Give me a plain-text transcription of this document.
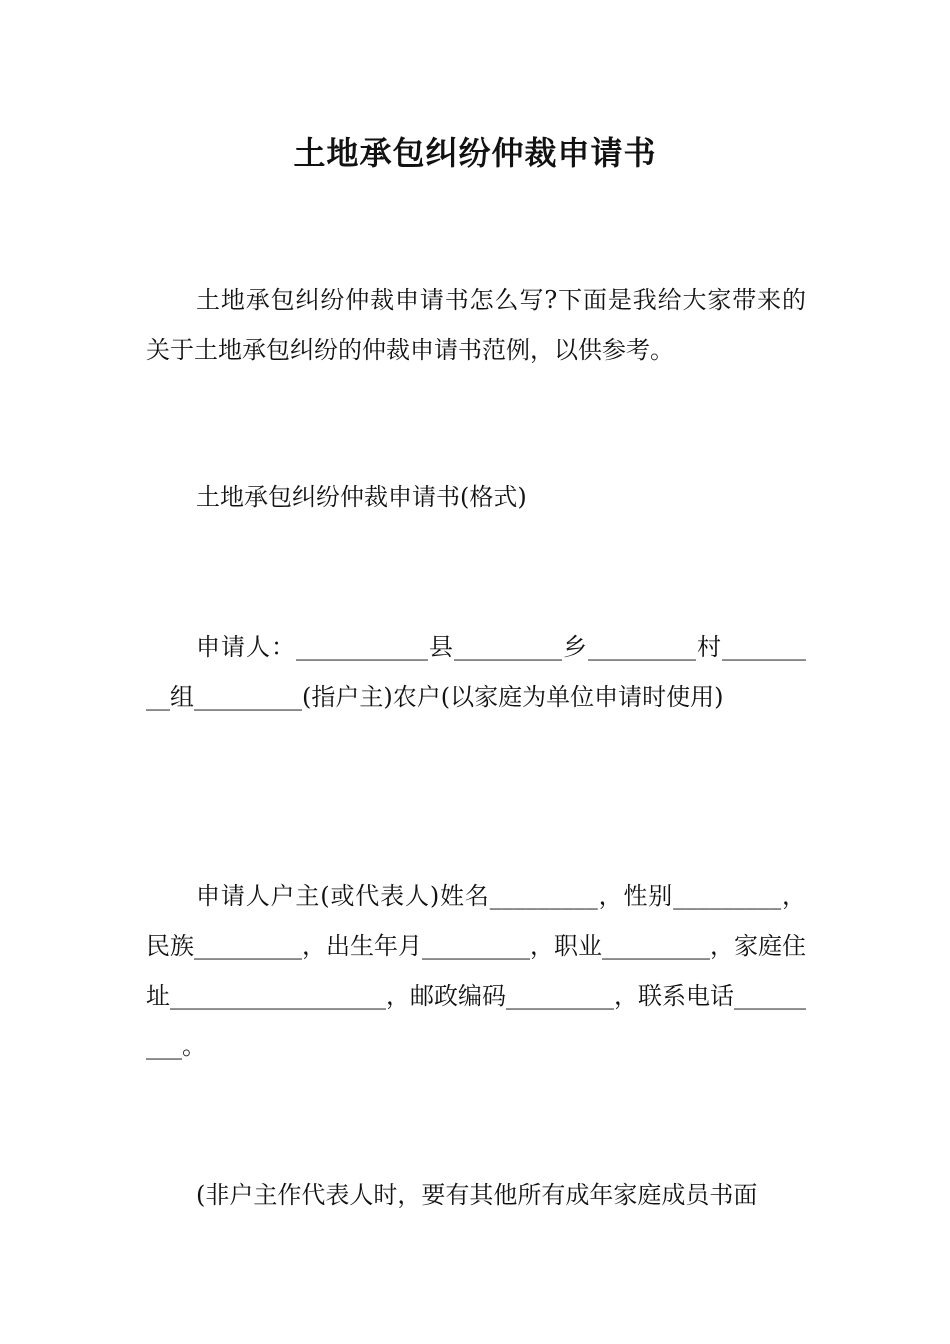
土地承包纠纷仲裁申请书

土地承包纠纷仲裁申请书怎么写?下面是我给大家带来的关于土地承包纠纷的仲裁申请书范例，以供参考。

土地承包纠纷仲裁申请书(格式)

申请人：___________县_________乡_________村_________组_________(指户主)农户(以家庭为单位申请时使用)

申请人户主(或代表人)姓名_________，性别_________，民族_________，出生年月_________，职业_________，家庭住址__________________，邮政编码_________，联系电话_________。

(非户主作代表人时，要有其他所有成年家庭成员书面
